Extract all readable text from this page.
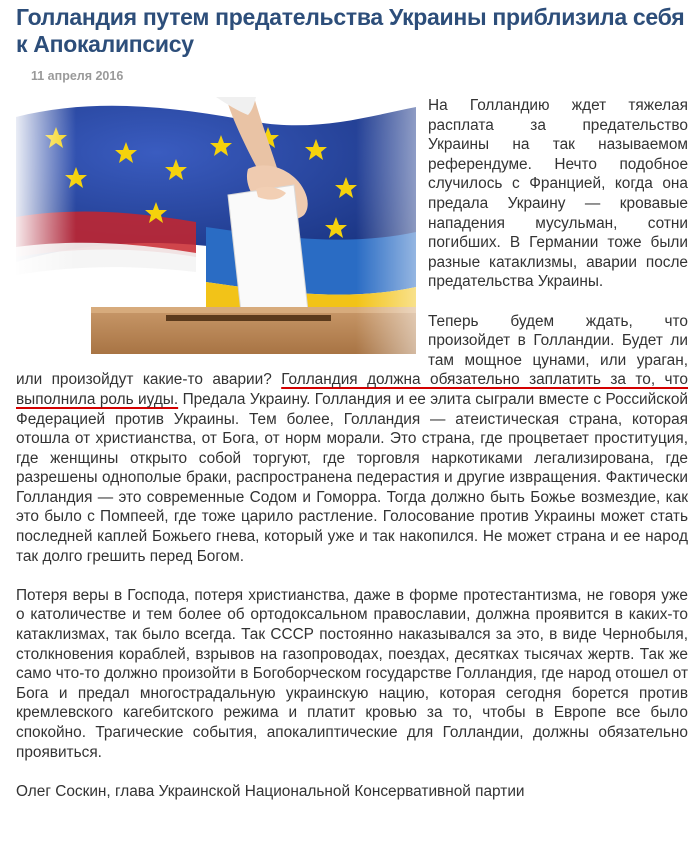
Голландия путем предательства Украины приблизила себя к Апокалипсису
11 апреля 2016

На Голландию ждет тяжелая расплата за предательство Украины на так называемом референдуме. Нечто подобное случилось с Францией, когда она предала Украину — кровавые нападения мусульман, сотни погибших. В Германии тоже были разные катаклизмы, аварии после предательства Украины.

Теперь будем ждать, что произойдет в Голландии. Будет ли там мощное цунами, или ураган, или произойдут какие-то аварии? Голландия должна обязательно заплатить за то, что выполнила роль иуды. Предала Украину. Голландия и ее элита сыграли вместе с Российской Федерацией против Украины. Тем более, Голландия — атеистическая страна, которая отошла от христианства, от Бога, от норм морали. Это страна, где процветает проституция, где женщины открыто собой торгуют, где торговля наркотиками легализирована, где разрешены однополые браки, распространена педерастия и другие извращения. Фактически Голландия — это современные Содом и Гоморра. Тогда должно быть Божье возмездие, как это было с Помпеей, где тоже царило растление. Голосование против Украины может стать последней каплей Божьего гнева, который уже и так накопился. Не может страна и ее народ так долго грешить перед Богом.

Потеря веры в Господа, потеря христианства, даже в форме протестантизма, не говоря уже о католичестве и тем более об ортодоксальном православии, должна проявится в каких-то катаклизмах, так было всегда. Так СССР постоянно наказывался за это, в виде Чернобыля, столкновения кораблей, взрывов на газопроводах, поездах, десятках тысячах жертв. Так же само что-то должно произойти в Богоборческом государстве Голландия, где народ отошел от Бога и предал многострадальную украинскую нацию, которая сегодня борется против кремлевского кагебитского режима и платит кровью за то, чтобы в Европе все было спокойно. Трагические события, апокалиптические для Голландии, должны обязательно проявиться.

Олег Соскин, глава Украинской Национальной Консервативной партии
